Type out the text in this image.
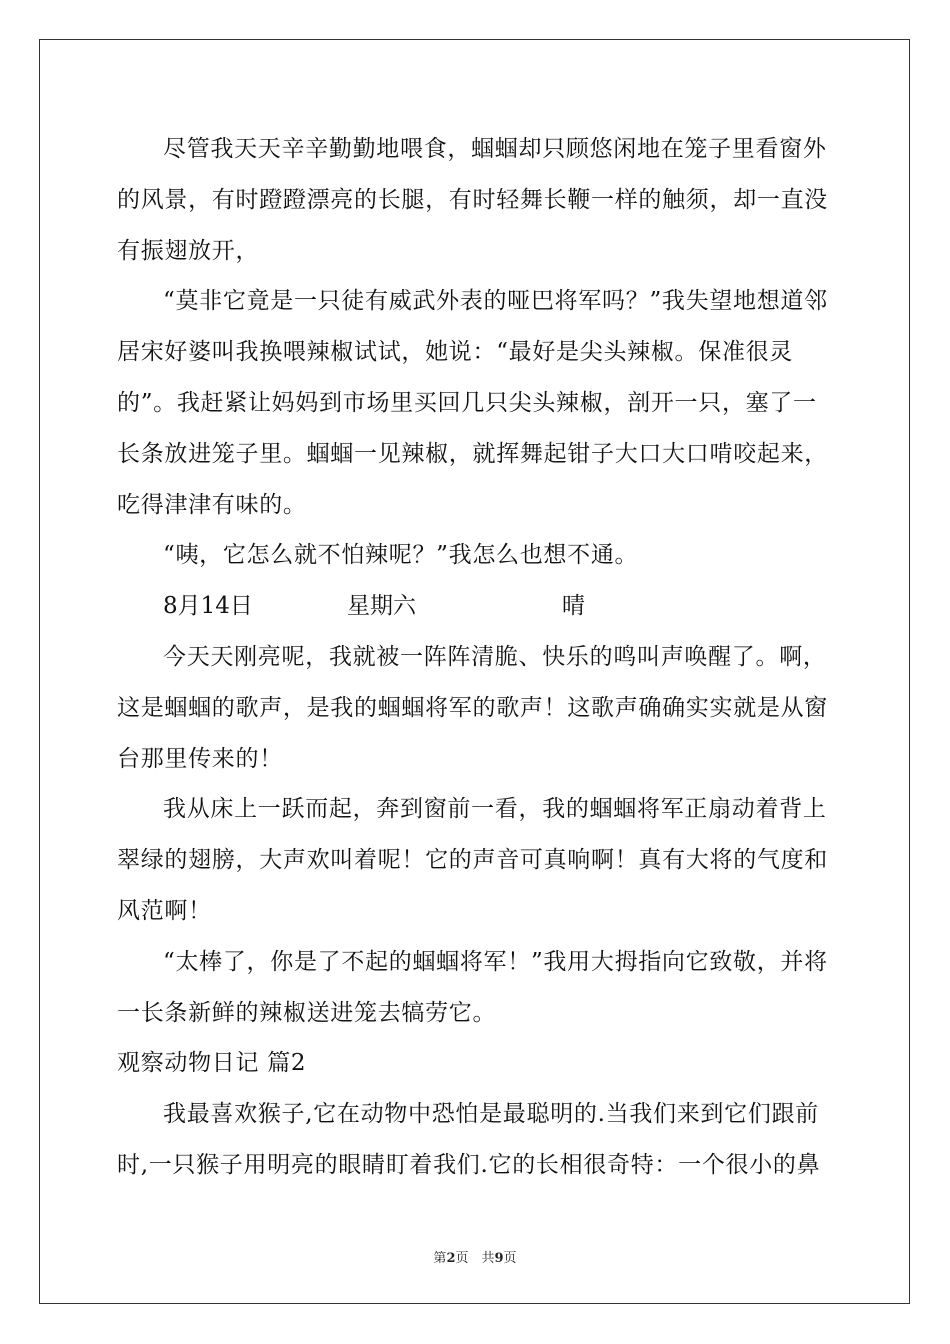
尽管我天天辛辛勤勤地喂食，蝈蝈却只顾悠闲地在笼子里看窗外的风景，有时蹬蹬漂亮的长腿，有时轻舞长鞭一样的触须，却一直没有振翅放开，

“莫非它竟是一只徒有威武外表的哑巴将军吗？”我失望地想道邻居宋好婆叫我换喂辣椒试试，她说：“最好是尖头辣椒。保准很灵的”。我赶紧让妈妈到市场里买回几只尖头辣椒，剖开一只，塞了一长条放进笼子里。蝈蝈一见辣椒，就挥舞起钳子大口大口啃咬起来，吃得津津有味的。

“咦，它怎么就不怕辣呢？”我怎么也想不通。

8月14日

	星期六

	晴

今天天刚亮呢，我就被一阵阵清脆、快乐的鸣叫声唤醒了。啊，这是蝈蝈的歌声，是我的蝈蝈将军的歌声！这歌声确确实实就是从窗台那里传来的！

我从床上一跃而起，奔到窗前一看，我的蝈蝈将军正扇动着背上翠绿的翅膀，大声欢叫着呢！它的声音可真响啊！真有大将的气度和风范啊！

“太棒了，你是了不起的蝈蝈将军！”我用大拇指向它致敬，并将一长条新鲜的辣椒送进笼去犒劳它。

观察动物日记 篇2

我最喜欢猴子,它在动物中恐怕是最聪明的.当我们来到它们跟前时,一只猴子用明亮的眼睛盯着我们.它的长相很奇特：一个很小的鼻

第2页　共9页
